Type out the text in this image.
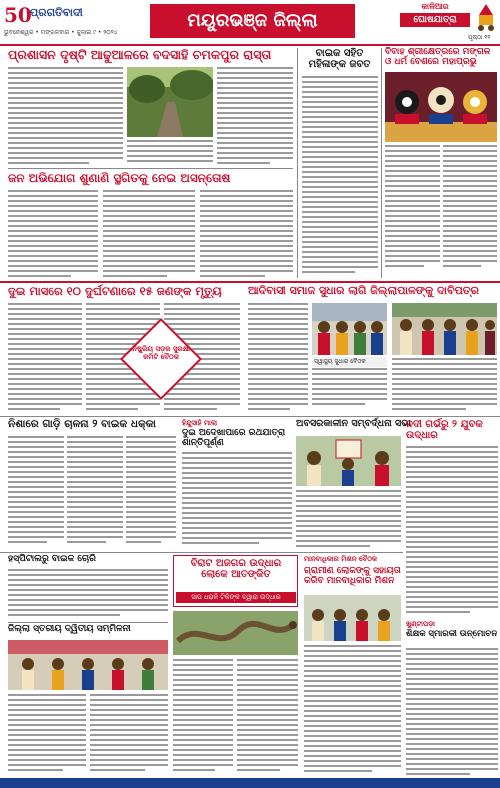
50
ପ୍ରଗତିବାଦୀ
ଭୁବନେଶ୍ୱର • ମଙ୍ଗଳବାର • ଜୁଲାଇ ୯ • ୨୦୨୪
ମୟୂରଭଞ୍ଜ ଜିଲ୍ଲା
କାଳିଆର
ଘୋଷଯାତ୍ରା
ପୃଷ୍ଠା ୧୧
ପ୍ରଶାସନ ଦୃଷ୍ଟି ଆଢୁଆଳରେ ବଦସାହି ଚମକପୁର ରାସ୍ତା
ଜନ ଅଭିଯୋଗ ଶୁଣାଣି ସ୍ଥଗିତକୁ ନେଇ ଅସନ୍ତୋଷ
ବାଇକ ସହିତ ମହିଳାଙ୍କ ଜବତ
ବିବାହ ଶ୍ରୀକ୍ଷେତ୍ରରେ ମଙ୍ଗଳ ଓ ଧର୍ମ ବେଶରେ ମହାପ୍ରଭୁ
ଦୁଇ ମାସରେ ୧୦ ଦୁର୍ଘଟଣାରେ ୧୫ ଜଣଙ୍କ ମୃତ୍ୟୁ	ଆଦିବାସୀ ସମାଜ ସୁଧାର ଲାଗି ଜିଲ୍ଲାପାଳଙ୍କୁ ଦାବିପତ୍ର
ନିଷ୍କ୍ରିୟ ସଡ଼କ ସୁରକ୍ଷା କମିଟି ବୈଠକ
ସ୍ୱାସ୍ଥ୍ୟ ସୁଧାର ବୈଠକ
ନିଶାରେ ଗାଡ଼ି ଚାଳନା ୨ ବାଇକ ଧକ୍କା	ହିନ୍ଦୁସାହି ମାଲା
ଦୁଇ ଅଦେଖାପାରେ ରଥଯାତ୍ରା ଶାନ୍ତିପୂର୍ଣ୍ଣ
ଅବସରକାଳୀନ ସମ୍ବର୍ଦ୍ଧନା ସଭା
ନଦୀ ଗର୍ଭରୁ ୨ ଯୁବକ ଉଦ୍ଧାର
ହସ୍ପିଟାଲରୁ ବାଇକ ଚୋରି	ବିରାଟ ଅଜଗର ଉଦ୍ଧାର ଲୋକେ ଆତଙ୍କିତ
ସାପ ଧରାଳି ଟିକିଙ୍କ ଦ୍ୱାରା ଉଦ୍ଧାର
ମାନବାଧିକାର ମିଶନ ବୈଠକ
ଗ୍ରାମୀଣ ଲୋକଙ୍କୁ ସହାୟତା କରିବ ମାନବାଧିକାର ମିଶନ
ଜିଲ୍ଲା ସ୍ତରୀୟ ଦ୍ୱିତୀୟ ସମ୍ମିଳନୀ	ଖୁଣ୍ଟାପଡ଼ା
ଶିକ୍ଷକ ସ୍ମାରକୀ ଉନ୍ମୋଚନ
